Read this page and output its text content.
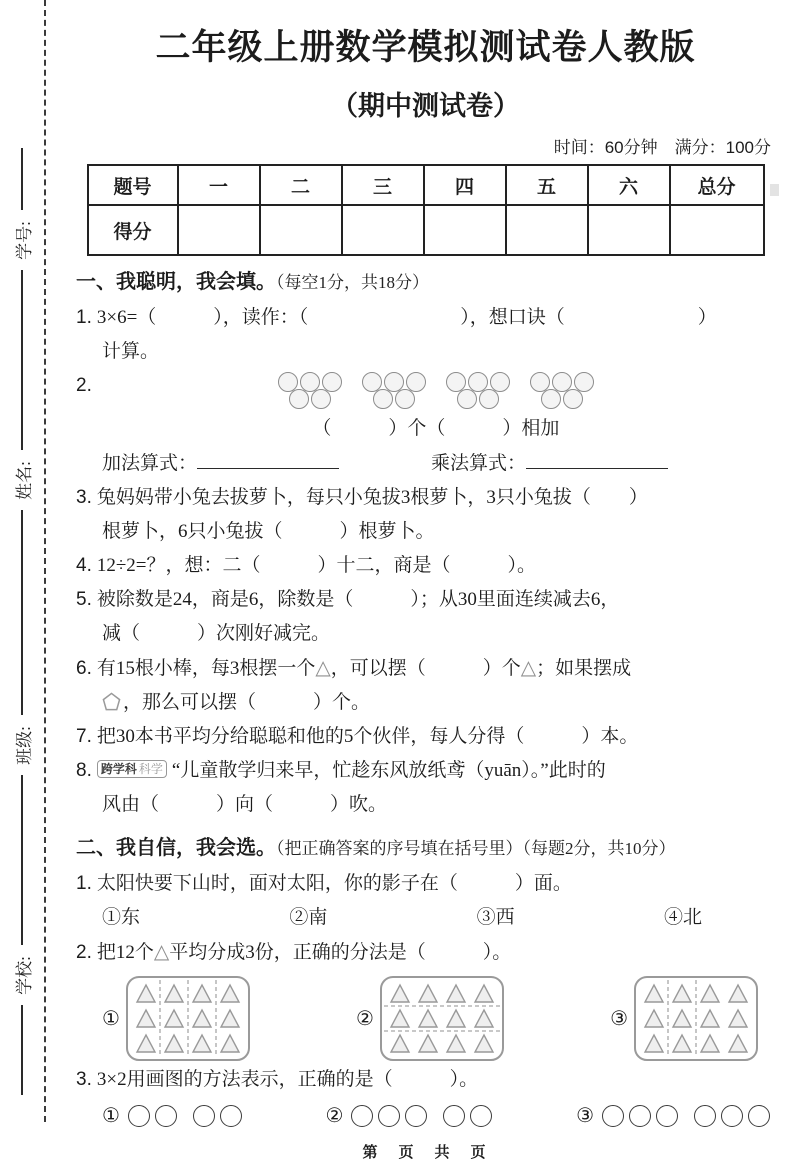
学号:
姓名:
班级:
学校:
二年级上册数学模拟测试卷人教版
（期中测试卷）
时间：60分钟　满分：100分
题号	一	二	三	四	五	六	总分
得分							
一、我聪明，我会填。（每空1分，共18分）
1. 3×6=（　　　），读作：（　　　　　　　　），想口诀（　　　　　　　）
计算。
2.
（　　　）个（　　　）相加
加法算式：	乘法算式：
3. 兔妈妈带小兔去拔萝卜，每只小兔拔3根萝卜，3只小兔拔（　　）
根萝卜，6只小兔拔（　　　）根萝卜。
4. 12÷2=？，想：二（　　　）十二，商是（　　　）。
5. 被除数是24，商是6，除数是（　　　）；从30里面连续减去6，
减（　　　）次刚好减完。
6. 有15根小棒，每3根摆一个△，可以摆（　　　）个△；如果摆成
，那么可以摆（　　　）个。
7. 把30本书平均分给聪聪和他的5个伙伴，每人分得（　　　）本。
8. 跨学科 科学 “儿童散学归来早，忙趁东风放纸鸢（yuān）。”此时的
风由（　　　）向（　　　）吹。
二、我自信，我会选。（把正确答案的序号填在括号里）（每题2分，共10分）
1. 太阳快要下山时，面对太阳，你的影子在（　　　）面。
①东	②南	③西	④北
2. 把12个△平均分成3份，正确的分法是（　　　）。
①	②	③
3. 3×2用画图的方法表示，正确的是（　　　）。
①	②	③
第　页　共　页
